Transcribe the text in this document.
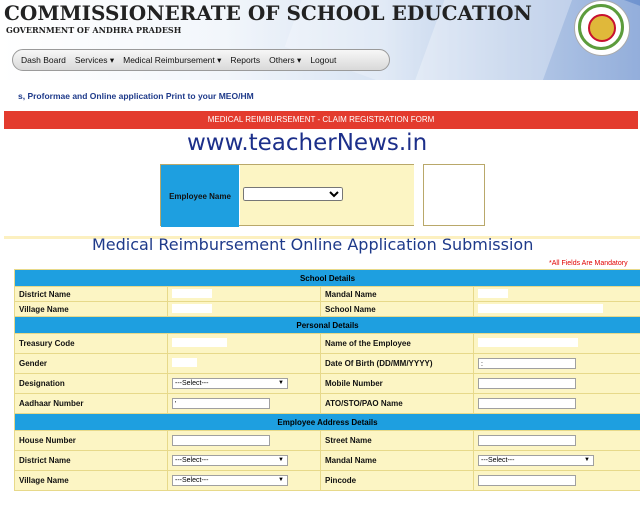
COMMISSIONERATE OF SCHOOL EDUCATION
GOVERNMENT OF ANDHRA PRADESH
Dash Board Services ▾ Medical Reimbursement ▾ Reports Others ▾ Logout
s, Proformae and Online application Print to your MEO/HM
MEDICAL REIMBURSEMENT - CLAIM REGISTRATION FORM
www.teacherNews.in
Employee Name
Medical Reimbursement Online Application Submission
*All Fields Are Mandatory
School Details			
District Name		Mandal Name	
Village Name		School Name	
Personal Details			
Treasury Code		Name of the Employee	
Gender		Date Of Birth (DD/MM/YYYY)	:
Designation	---Select--- ▼	Mobile Number	
Aadhaar Number	'	ATO/STO/PAO Name	
Employee Address Details			
House Number		Street Name	
District Name	---Select--- ▼	Mandal Name	---Select--- ▼

Village Name	---Select--- ▼	Pincode	
